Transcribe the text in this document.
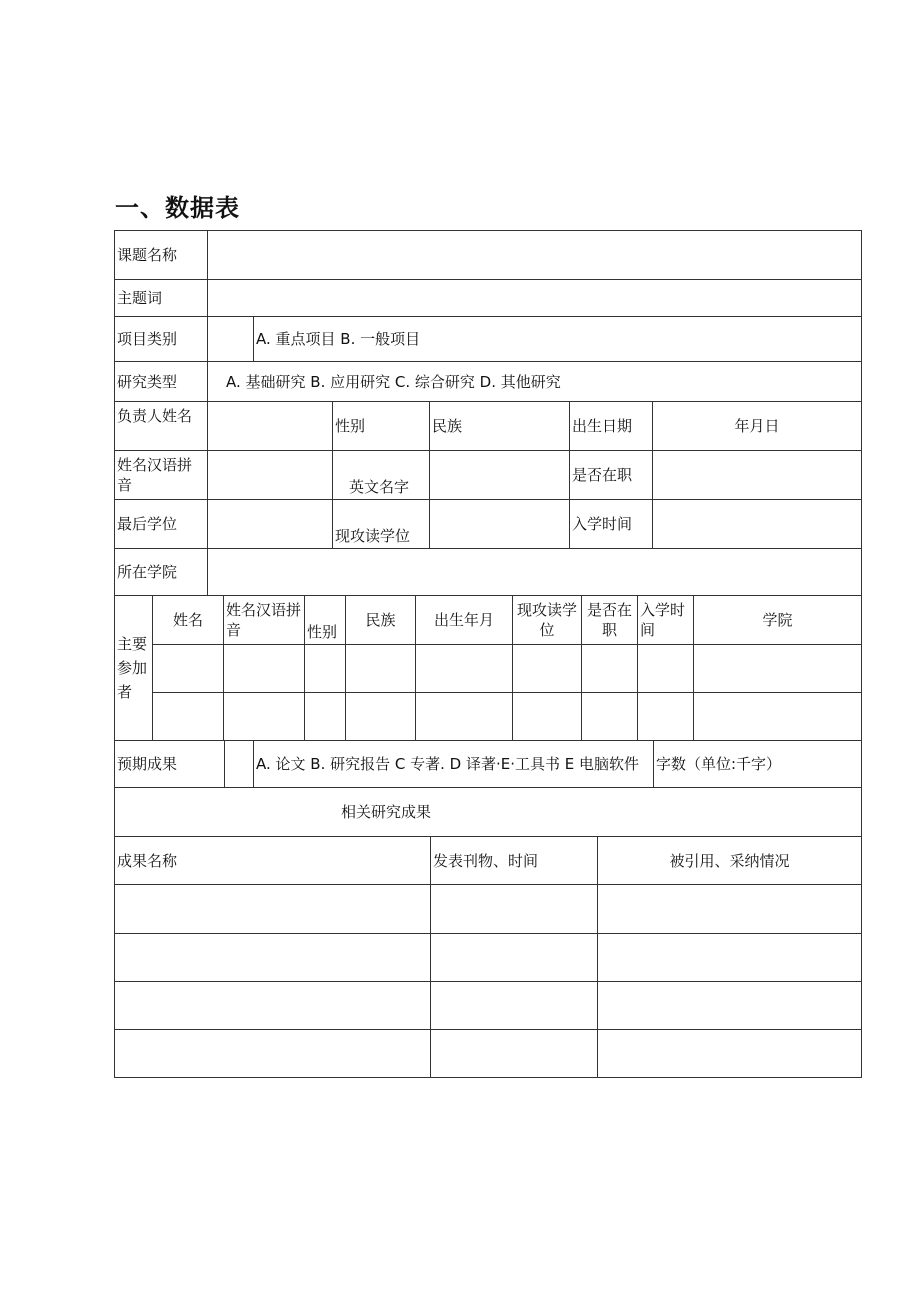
一、数据表
课题名称						
主题词						
项目类别		A. 重点项目 B. 一般项目				
研究类型	A. 基础研究 B. 应用研究 C. 综合研究 D. 其他研究					
负责人姓名			性别	民族	出生日期	年月日
姓名汉语拼音			英文名字		是否在职	
最后学位			现攻读学位		入学时间	
所在学院						
主要参加者	姓名	姓名汉语拼音	性别	民族	出生年月	现攻读学位	是否在职	入学时间	学院

预期成果		A. 论文 B. 研究报告 C 专著. D 译著·E·工具书 E 电脑软件	字数（单位:千字）
相关研究成果		
成果名称	发表刊物、时间	被引用、采纳情况
